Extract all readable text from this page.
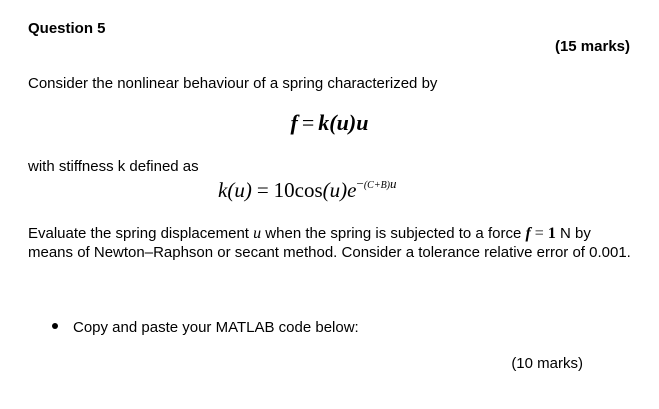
Question 5
(15 marks)
Consider the nonlinear behaviour of a spring characterized by
f = k(u)u
with stiffness k defined as
$k(u) = 10\cos(u)e^{-(C+B)u}$
Evaluate the spring displacement u when the spring is subjected to a force f = 1 N by means of Newton–Raphson or secant method. Consider a tolerance relative error of 0.001.
Copy and paste your MATLAB code below:
(10 marks)
